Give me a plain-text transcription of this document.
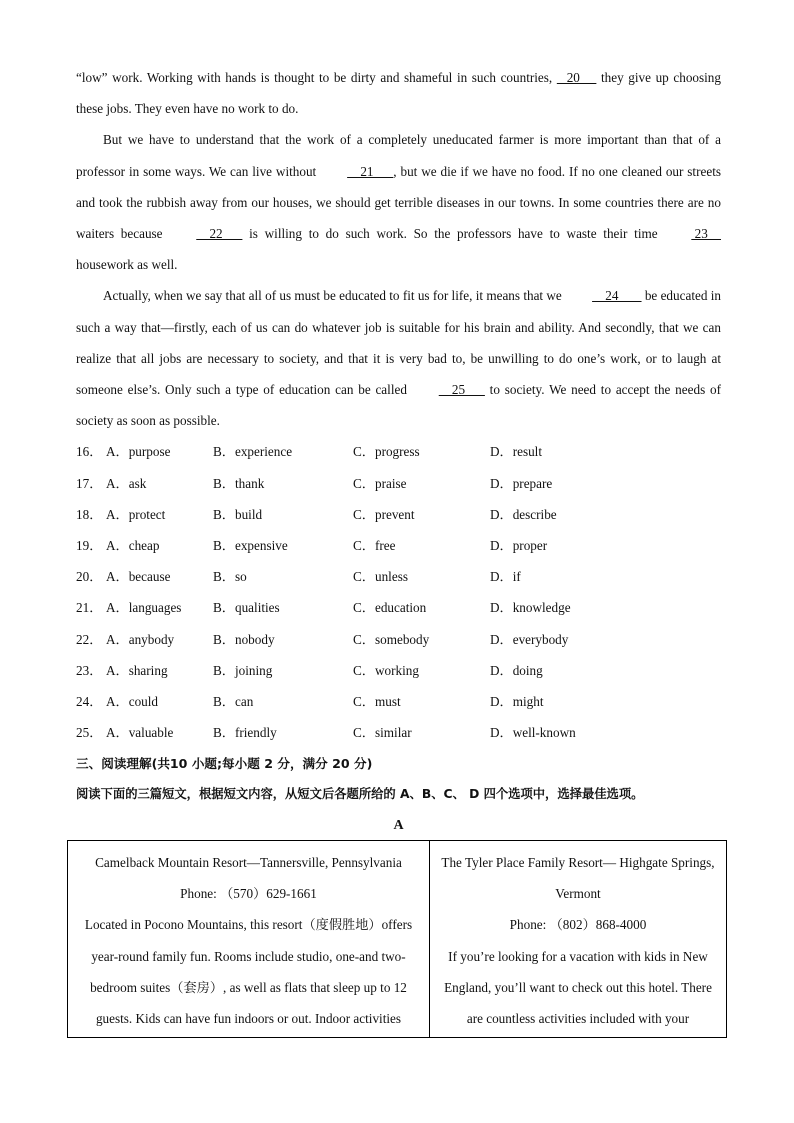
“low” work. Working with hands is thought to be dirty and shameful in such countries,    20      they give up choosing these jobs. They even have no work to do.

But we have to understand that the work of a completely uneducated farmer is more important than that of a professor in some ways. We can live without     21      , but we die if we have no food. If no one cleaned our streets and took the rubbish away from our houses, we should get terrible diseases in our towns. In some countries there are no waiters because     22       is willing to do such work. So the professors have to waste their time  23     housework as well.

Actually, when we say that all of us must be educated to fit us for life, it means that we     24        be educated in such a way that—firstly, each of us can do whatever job is suitable for his brain and ability. And secondly, that we can realize that all jobs are necessary to society, and that it is very bad to, be unwilling to do one’s work, or to laugh at someone else’s. Only such a type of education can be called     25       to society. We need to accept the needs of society as soon as possible.

16． A．purpose	B．experience	C．progress	D．result
17． A．ask	B．thank	C．praise	D．prepare
18． A．protect	B．build	C．prevent	D．describe
19． A．cheap	B．expensive	C．free	D．proper
20． A．because	B．so	C．unless	D．if
21． A．languages	B．qualities	C．education	D．knowledge
22． A．anybody	B．nobody	C．somebody	D．everybody
23． A．sharing	B．joining	C．working	D．doing
24． A．could	B．can	C．must	D．might
25． A．valuable	B．friendly	C．similar	D．well-known

三、阅读理解(共10 小题;每小题 2 分，满分 20 分)

阅读下面的三篇短文，根据短文内容，从短文后各题所给的 A、B、C、 D 四个选项中，选择最佳选项。

A

Camelback Mountain Resort—Tannersville, Pennsylvania

Phone: （570）629-1661

Located in Pocono Mountains, this resort（度假胜地）offers year-round family fun. Rooms include studio, one-and two-bedroom suites（套房）, as well as flats that sleep up to 12 guests. Kids can have fun indoors or out. Indoor activities

The Tyler Place Family Resort— Highgate Springs, Vermont

Phone: （802）868-4000

If you’re looking for a vacation with kids in New England, you’ll want to check out this hotel. There are countless activities included with your
